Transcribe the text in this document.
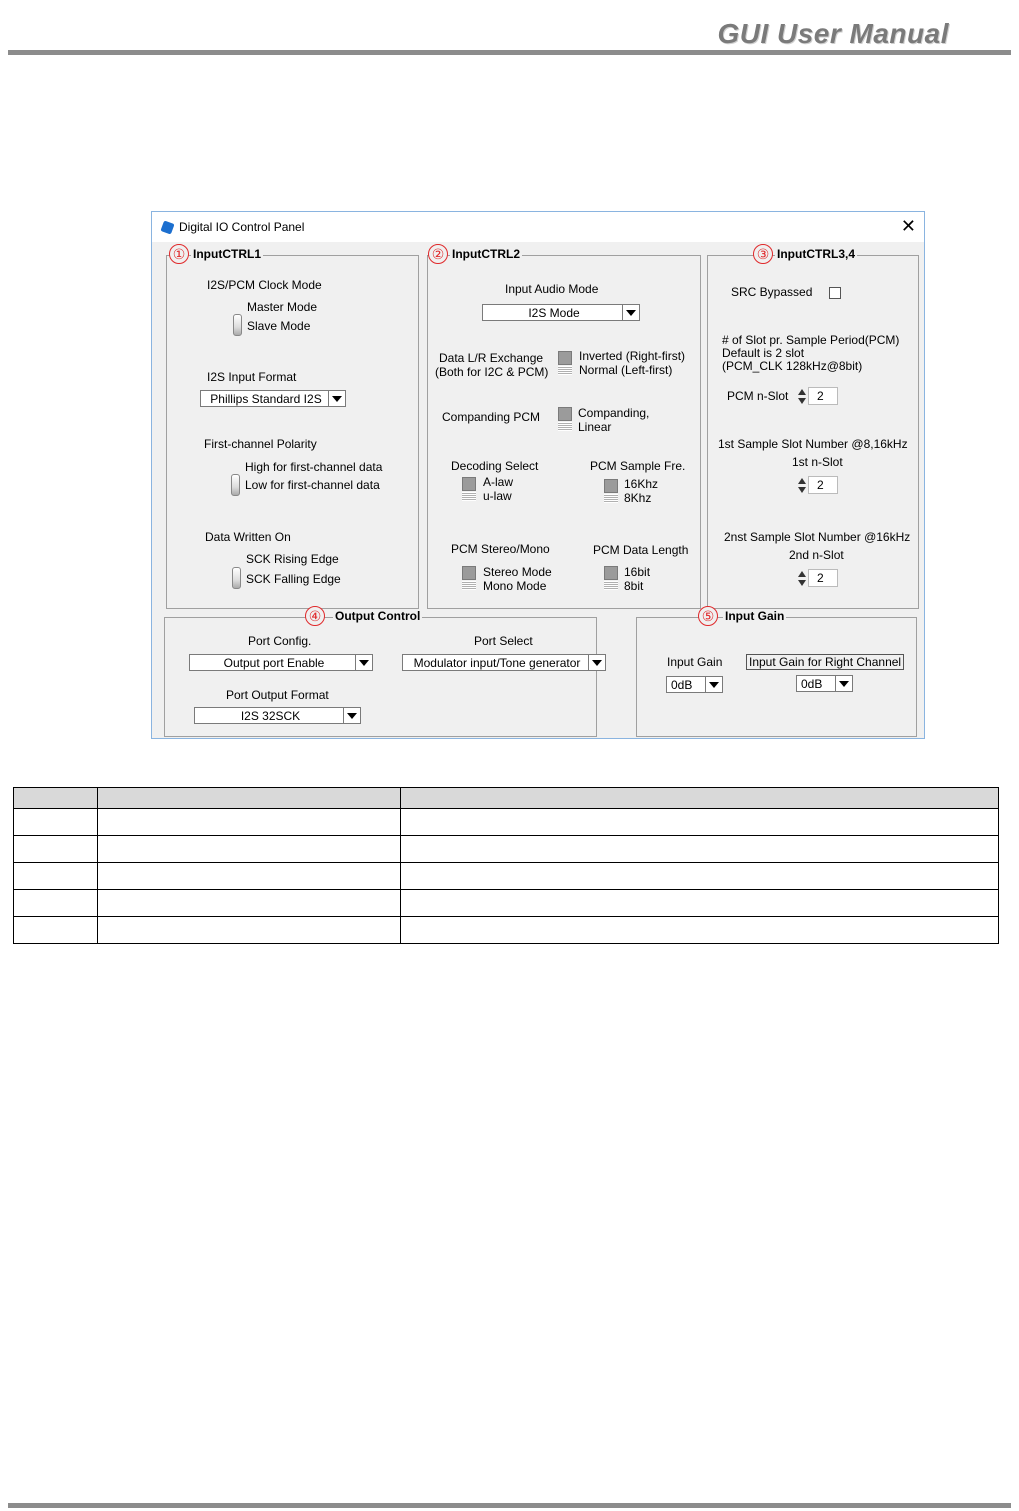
GUI User Manual
Digital IO Control Panel	✕
① InputCTRL1
I2S/PCM Clock Mode
Master Mode
Slave Mode
I2S Input Format
Phillips Standard I2S
First-channel Polarity
High for first-channel data
Low for first-channel data
Data Written On
SCK Rising Edge
SCK Falling Edge
② InputCTRL2
Input Audio Mode
I2S Mode
Data L/R Exchange
(Both for I2C & PCM)
Inverted (Right-first)
Normal (Left-first)
Companding PCM	Companding,
Linear
Decoding Select
A-law
u-law
PCM Sample Fre.
16Khz
8Khz
PCM Stereo/Mono
Stereo Mode
Mono Mode
PCM Data Length
16bit
8bit
③ InputCTRL3,4
SRC Bypassed
# of Slot pr. Sample Period(PCM)
Default is 2 slot
(PCM_CLK 128kHz@8bit)
PCM n-Slot	2
1st Sample Slot Number @8,16kHz
1st n-Slot
2
2nst Sample Slot Number @16kHz
2nd n-Slot
2
④	Output Control
Port Config.
Output port Enable
Port Select
Modulator input/Tone generator
Port Output Format
I2S 32SCK
⑤ Input Gain
Input Gain
0dB
Input Gain for Right Channel
0dB
